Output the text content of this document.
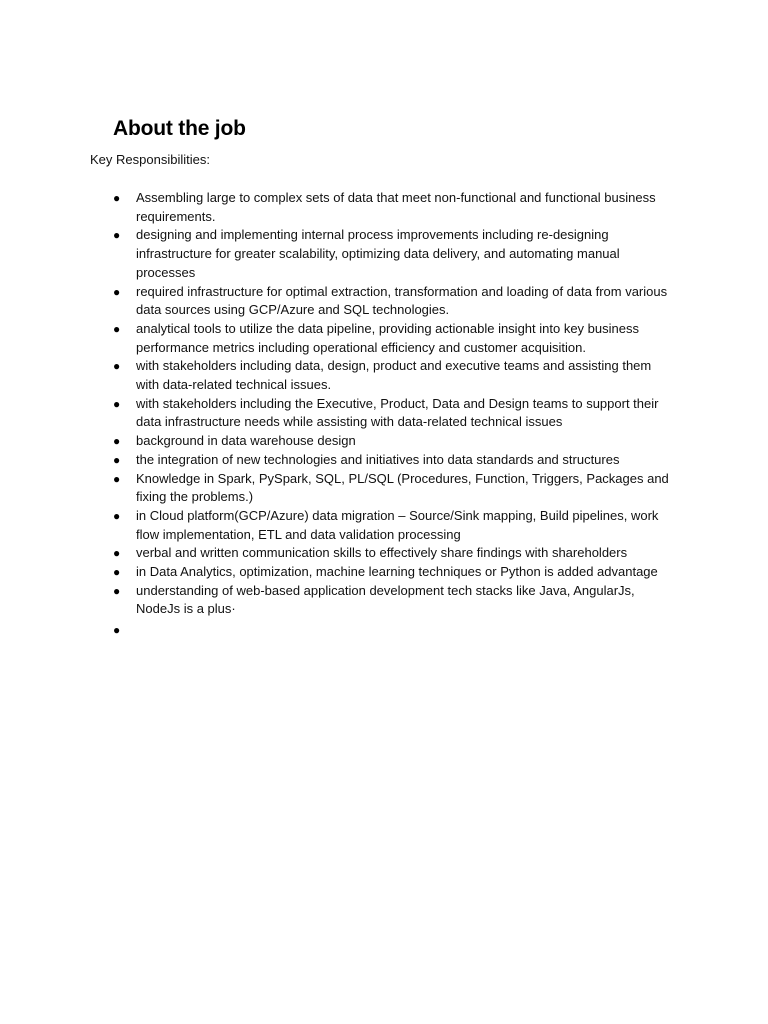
About the job

Key Responsibilities:

● Assembling large to complex sets of data that meet non-functional and functional business requirements.
● designing and implementing internal process improvements including re-designing infrastructure for greater scalability, optimizing data delivery, and automating manual processes
● required infrastructure for optimal extraction, transformation and loading of data from various data sources using GCP/Azure and SQL technologies.
● analytical tools to utilize the data pipeline, providing actionable insight into key business performance metrics including operational efficiency and customer acquisition.
● with stakeholders including data, design, product and executive teams and assisting them with data-related technical issues.
● with stakeholders including the Executive, Product, Data and Design teams to support their data infrastructure needs while assisting with data-related technical issues
● background in data warehouse design
● the integration of new technologies and initiatives into data standards and structures
● Knowledge in Spark, PySpark, SQL, PL/SQL (Procedures, Function, Triggers, Packages and fixing the problems.)
● in Cloud platform(GCP/Azure) data migration – Source/Sink mapping, Build pipelines, work flow implementation, ETL and data validation processing
● verbal and written communication skills to effectively share findings with shareholders
● in Data Analytics, optimization, machine learning techniques or Python is added advantage
● understanding of web-based application development tech stacks like Java, AngularJs, NodeJs is a plus·
●
